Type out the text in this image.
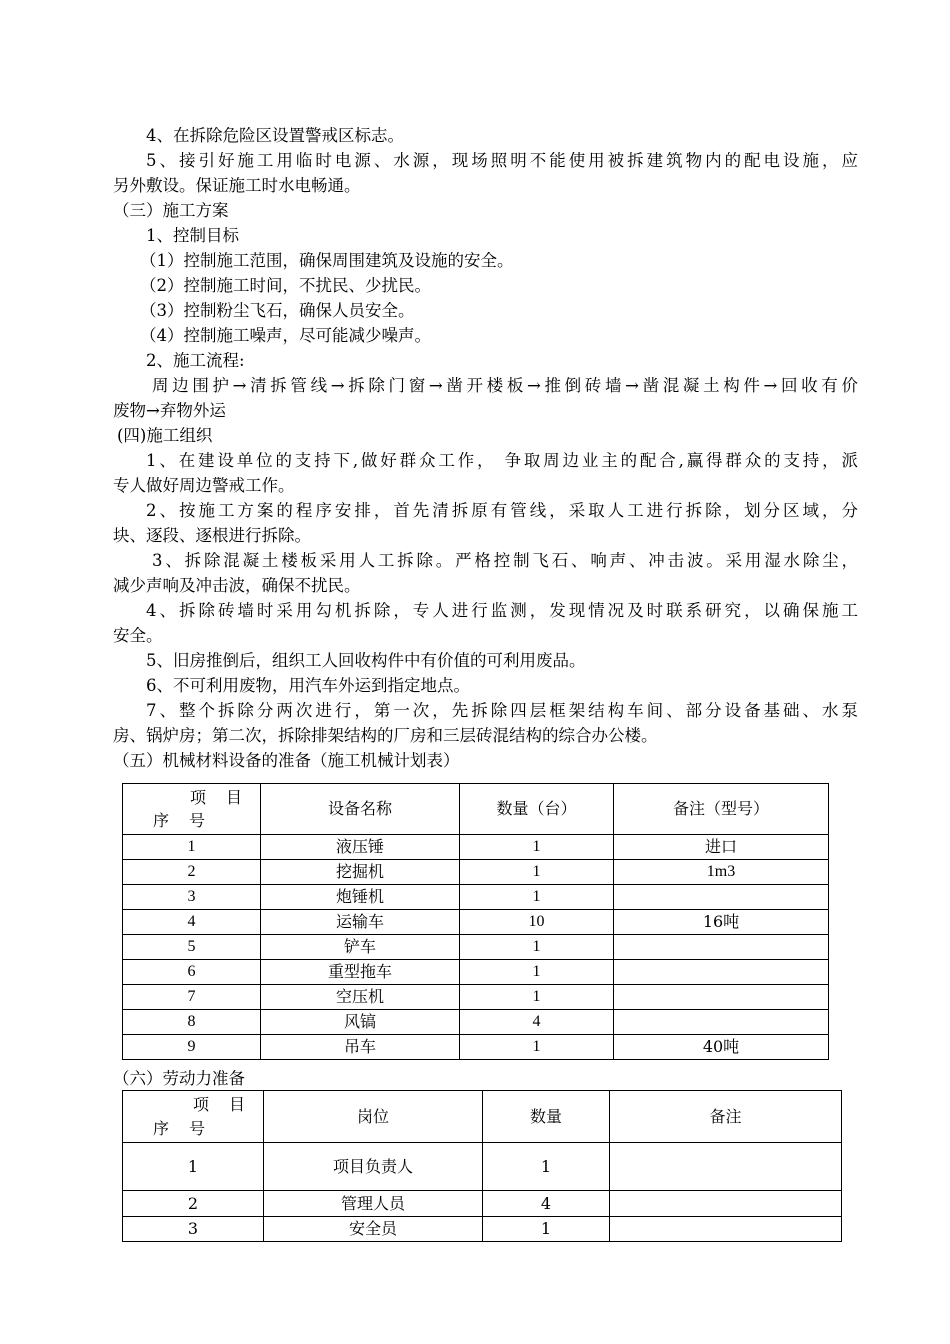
4、在拆除危险区设置警戒区标志。
5、接引好施工用临时电源、水源，现场照明不能使用被拆建筑物内的配电设施，应
另外敷设。保证施工时水电畅通。
（三）施工方案
1、控制目标
（1）控制施工范围，确保周围建筑及设施的安全。
（2）控制施工时间，不扰民、少扰民。
（3）控制粉尘飞石，确保人员安全。
（4）控制施工噪声，尽可能减少噪声。
2、施工流程:
周边围护→清拆管线→拆除门窗→凿开楼板→推倒砖墙→凿混凝土构件→回收有价
废物→弃物外运
(四)施工组织
1、在建设单位的支持下,做好群众工作， 争取周边业主的配合,赢得群众的支持，派
专人做好周边警戒工作。
2、按施工方案的程序安排，首先清拆原有管线，采取人工进行拆除，划分区域，分
块、逐段、逐根进行拆除。
3、拆除混凝土楼板采用人工拆除。严格控制飞石、响声、冲击波。采用湿水除尘，
减少声响及冲击波，确保不扰民。
4、拆除砖墙时采用勾机拆除，专人进行监测，发现情况及时联系研究，以确保施工
安全。
5、旧房推倒后，组织工人回收构件中有价值的可利用废品。
6、不可利用废物，用汽车外运到指定地点。
7、整个拆除分两次进行，第一次，先拆除四层框架结构车间、部分设备基础、水泵
房、锅炉房；第二次，拆除排架结构的厂房和三层砖混结构的综合办公楼。
（五）机械材料设备的准备（施工机械计划表）
项　目
序　号	设备名称	数量（台）	备注（型号）
1	液压锤	1	进口
2	挖掘机	1	1m3
3	炮锤机	1	
4	运输车	10	16吨
5	铲车	1	
6	重型拖车	1	
7	空压机	1	
8	风镐	4	
9	吊车	1	40吨
（六）劳动力准备
项　目
序　号	岗位	数量	备注
1	项目负责人	1	
2	管理人员	4	
3	安全员	1	
